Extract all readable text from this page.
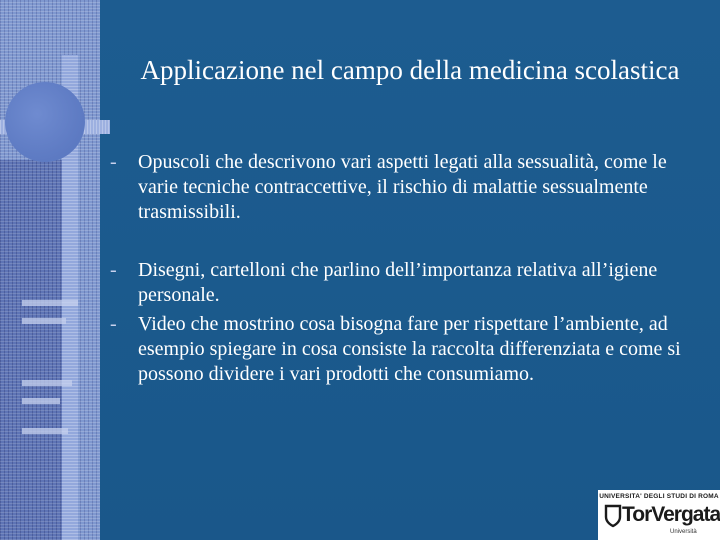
Applicazione nel campo della medicina scolastica
- Opuscoli che descrivono vari aspetti legati alla sessualità, come le varie tecniche contraccettive, il rischio di malattie sessualmente trasmissibili.
- Disegni, cartelloni che parlino dell’importanza relativa all’igiene personale.
- Video che mostrino cosa bisogna fare per rispettare l’ambiente, ad esempio spiegare in cosa consiste la raccolta differenziata e come si possono dividere i vari prodotti che consumiamo.
UNIVERSITA' DEGLI STUDI DI ROMA
TorVergata
Università
